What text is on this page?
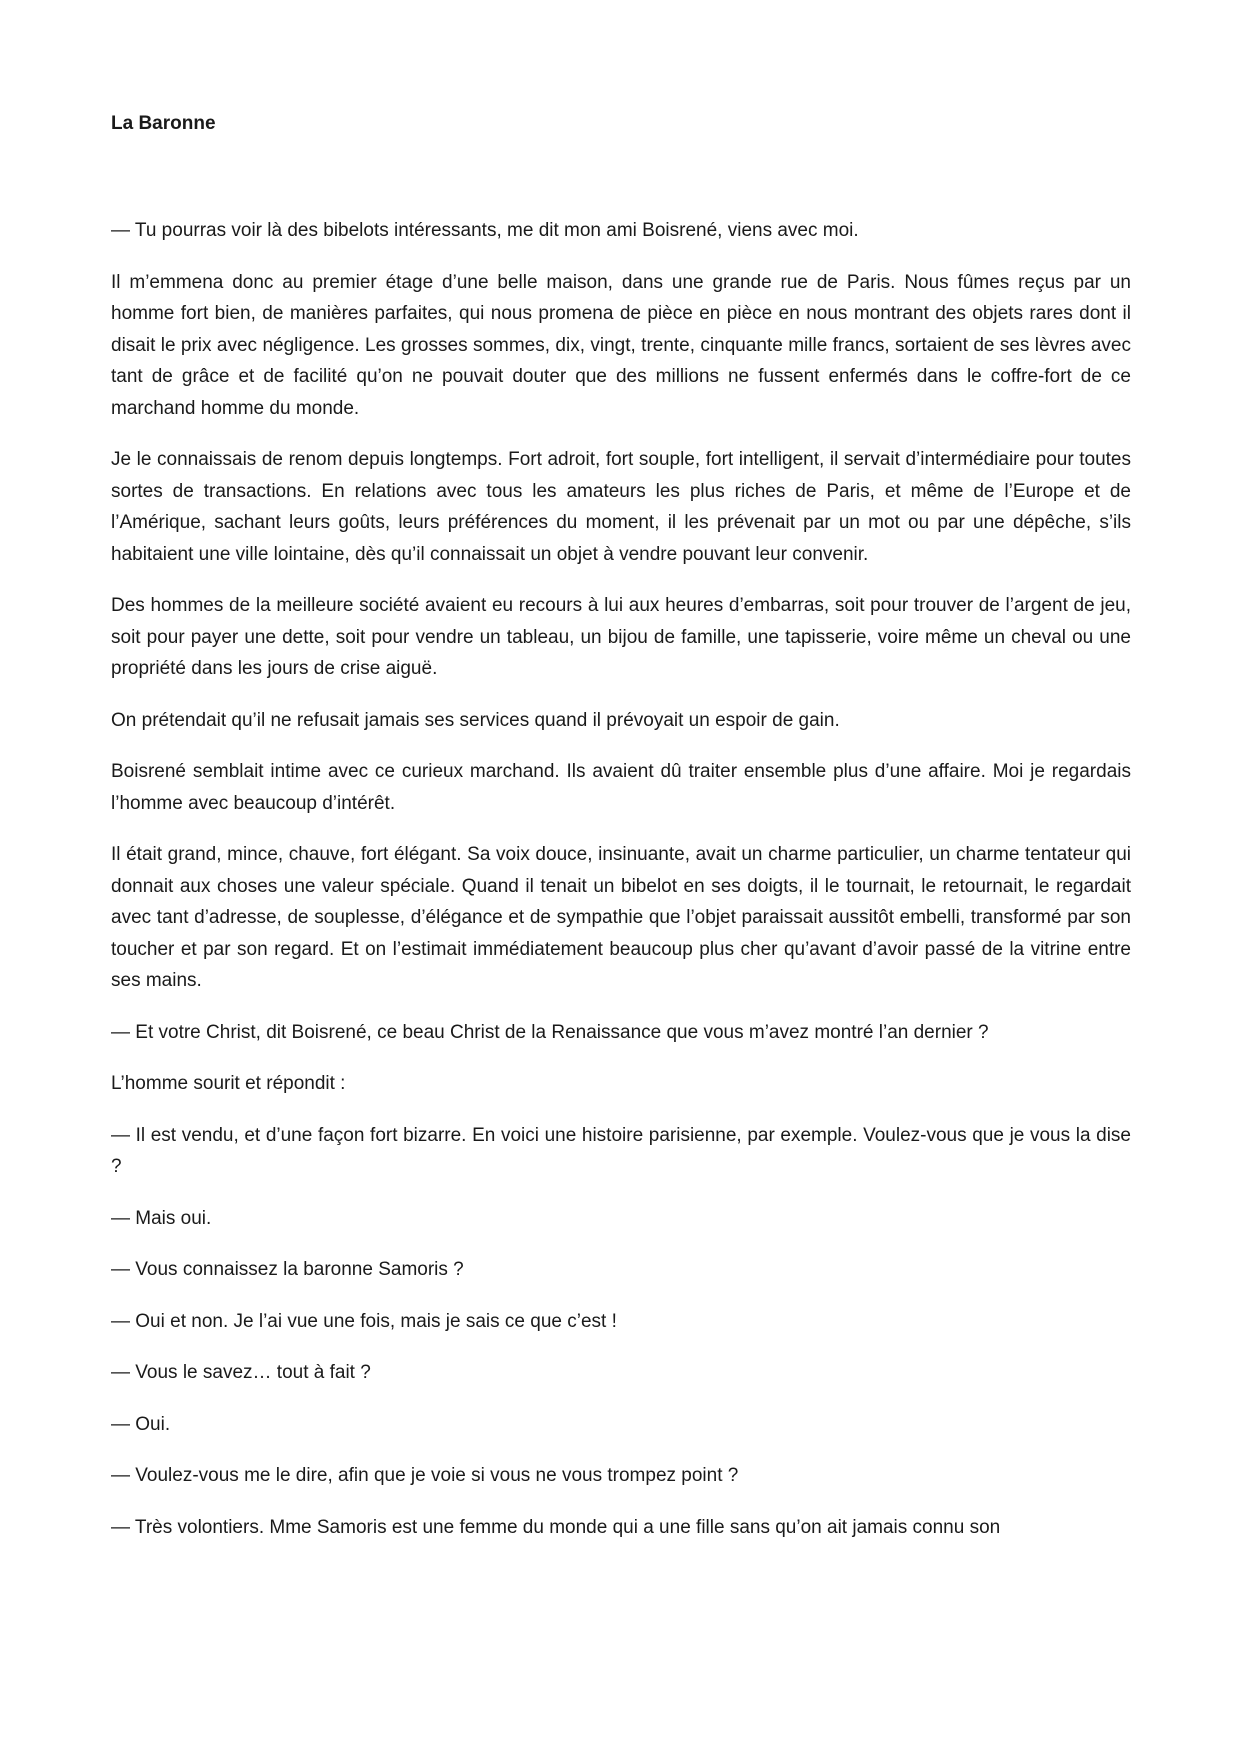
La Baronne

— Tu pourras voir là des bibelots intéressants, me dit mon ami Boisrené, viens avec moi.

Il m’emmena donc au premier étage d’une belle maison, dans une grande rue de Paris. Nous fûmes reçus par un homme fort bien, de manières parfaites, qui nous promena de pièce en pièce en nous montrant des objets rares dont il disait le prix avec négligence. Les grosses sommes, dix, vingt, trente, cinquante mille francs, sortaient de ses lèvres avec tant de grâce et de facilité qu’on ne pouvait douter que des millions ne fussent enfermés dans le coffre-fort de ce marchand homme du monde.

Je le connaissais de renom depuis longtemps. Fort adroit, fort souple, fort intelligent, il servait d’intermédiaire pour toutes sortes de transactions. En relations avec tous les amateurs les plus riches de Paris, et même de l’Europe et de l’Amérique, sachant leurs goûts, leurs préférences du moment, il les prévenait par un mot ou par une dépêche, s’ils habitaient une ville lointaine, dès qu’il connaissait un objet à vendre pouvant leur convenir.

Des hommes de la meilleure société avaient eu recours à lui aux heures d’embarras, soit pour trouver de l’argent de jeu, soit pour payer une dette, soit pour vendre un tableau, un bijou de famille, une tapisserie, voire même un cheval ou une propriété dans les jours de crise aiguë.

On prétendait qu’il ne refusait jamais ses services quand il prévoyait un espoir de gain.

Boisrené semblait intime avec ce curieux marchand. Ils avaient dû traiter ensemble plus d’une affaire. Moi je regardais l’homme avec beaucoup d’intérêt.

Il était grand, mince, chauve, fort élégant. Sa voix douce, insinuante, avait un charme particulier, un charme tentateur qui donnait aux choses une valeur spéciale. Quand il tenait un bibelot en ses doigts, il le tournait, le retournait, le regardait avec tant d’adresse, de souplesse, d’élégance et de sympathie que l’objet paraissait aussitôt embelli, transformé par son toucher et par son regard. Et on l’estimait immédiatement beaucoup plus cher qu’avant d’avoir passé de la vitrine entre ses mains.

— Et votre Christ, dit Boisrené, ce beau Christ de la Renaissance que vous m’avez montré l’an dernier ?

L’homme sourit et répondit :

— Il est vendu, et d’une façon fort bizarre. En voici une histoire parisienne, par exemple. Voulez-vous que je vous la dise ?

— Mais oui.

— Vous connaissez la baronne Samoris ?

— Oui et non. Je l’ai vue une fois, mais je sais ce que c’est !

— Vous le savez… tout à fait ?

— Oui.

— Voulez-vous me le dire, afin que je voie si vous ne vous trompez point ?

— Très volontiers. Mme Samoris est une femme du monde qui a une fille sans qu’on ait jamais connu son
